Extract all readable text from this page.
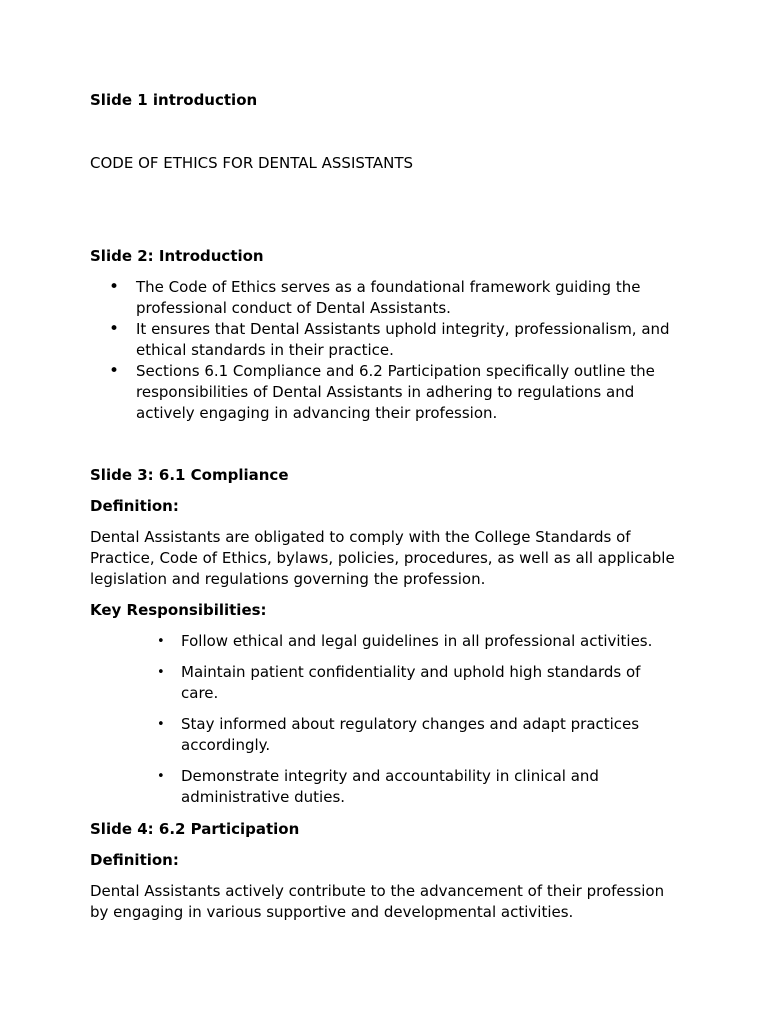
Slide 1 introduction

CODE OF ETHICS FOR DENTAL ASSISTANTS

Slide 2: Introduction

• The Code of Ethics serves as a foundational framework guiding the professional conduct of Dental Assistants.
• It ensures that Dental Assistants uphold integrity, professionalism, and ethical standards in their practice.
• Sections 6.1 Compliance and 6.2 Participation specifically outline the responsibilities of Dental Assistants in adhering to regulations and actively engaging in advancing their profession.

Slide 3: 6.1 Compliance

Definition:

Dental Assistants are obligated to comply with the College Standards of Practice, Code of Ethics, bylaws, policies, procedures, as well as all applicable legislation and regulations governing the profession.

Key Responsibilities:

• Follow ethical and legal guidelines in all professional activities.
• Maintain patient confidentiality and uphold high standards of care.
• Stay informed about regulatory changes and adapt practices accordingly.
• Demonstrate integrity and accountability in clinical and administrative duties.

Slide 4: 6.2 Participation

Definition:

Dental Assistants actively contribute to the advancement of their profession by engaging in various supportive and developmental activities.
